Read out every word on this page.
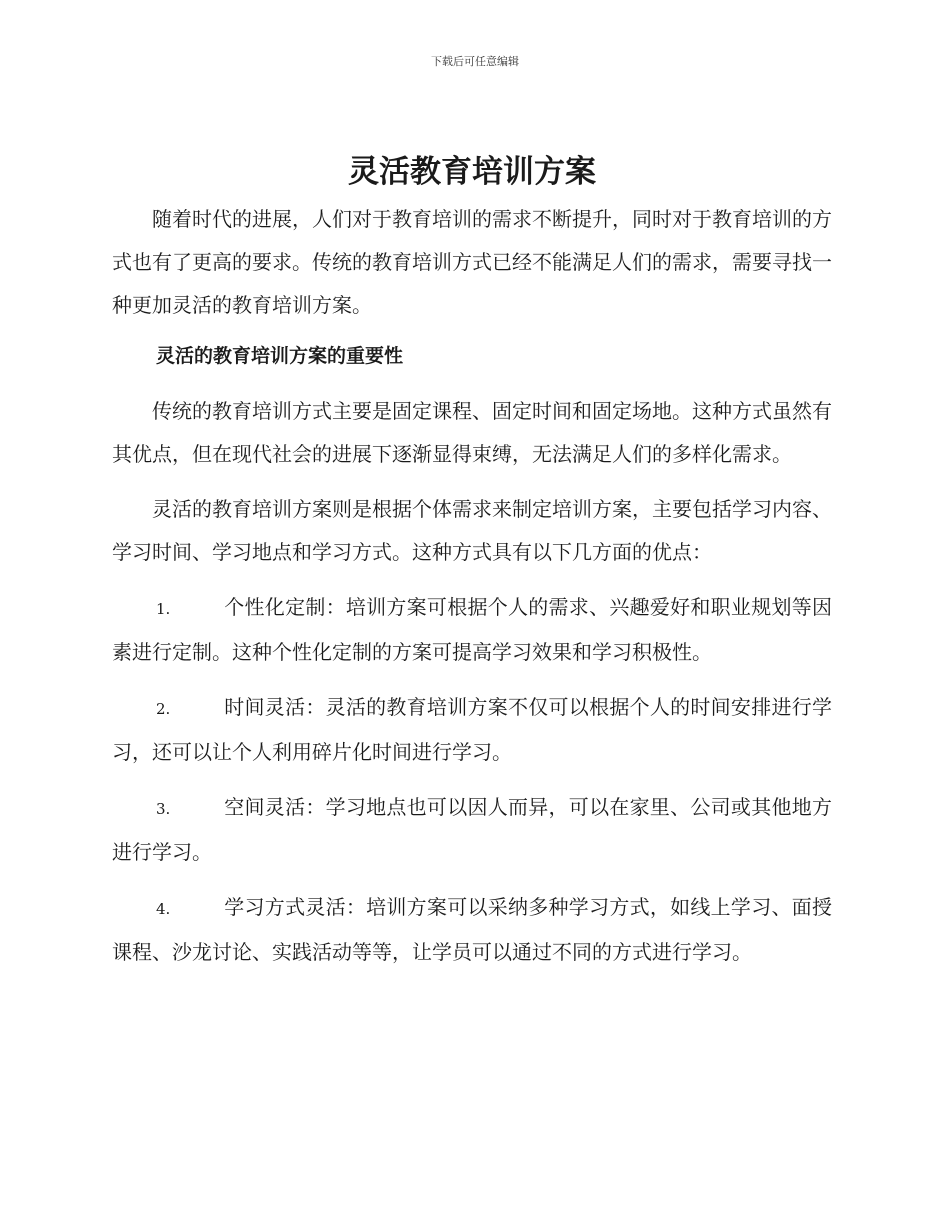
下载后可任意编辑
灵活教育培训方案

随着时代的进展，人们对于教育培训的需求不断提升，同时对于教育培训的方式也有了更高的要求。传统的教育培训方式已经不能满足人们的需求，需要寻找一种更加灵活的教育培训方案。

灵活的教育培训方案的重要性

传统的教育培训方式主要是固定课程、固定时间和固定场地。这种方式虽然有其优点，但在现代社会的进展下逐渐显得束缚，无法满足人们的多样化需求。

灵活的教育培训方案则是根据个体需求来制定培训方案，主要包括学习内容、学习时间、学习地点和学习方式。这种方式具有以下几方面的优点：

1.	个性化定制：培训方案可根据个人的需求、兴趣爱好和职业规划等因素进行定制。这种个性化定制的方案可提高学习效果和学习积极性。

2.	时间灵活：灵活的教育培训方案不仅可以根据个人的时间安排进行学习，还可以让个人利用碎片化时间进行学习。

3.	空间灵活：学习地点也可以因人而异，可以在家里、公司或其他地方进行学习。

4.	学习方式灵活：培训方案可以采纳多种学习方式，如线上学习、面授课程、沙龙讨论、实践活动等等，让学员可以通过不同的方式进行学习。
